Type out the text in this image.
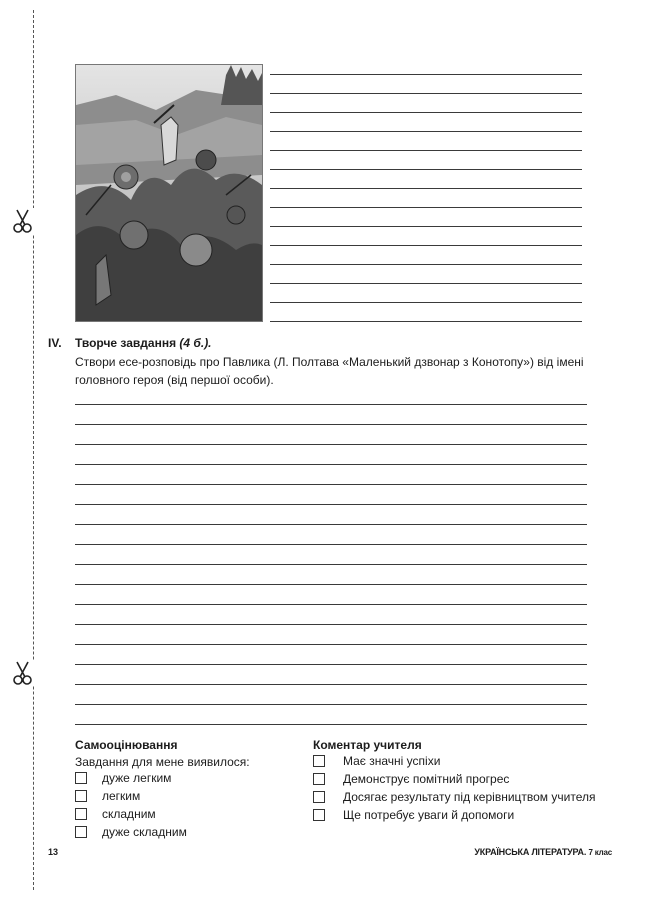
IV. Творче завдання (4 б.).
Створи есе-розповідь про Павлика (Л. Полтава «Маленький дзвонар з Конотопу») від імені головного героя (від першої особи).
Самооцінювання
Завдання для мене виявилося:
дуже легким
легким
складним
дуже складним
Коментар учителя
Має значні успіхи
Демонструє помітний прогрес
Досягає результату під керівництвом учителя
Ще потребує уваги й допомоги
13	УКРАЇНСЬКА ЛІТЕРАТУРА. 7 клас
